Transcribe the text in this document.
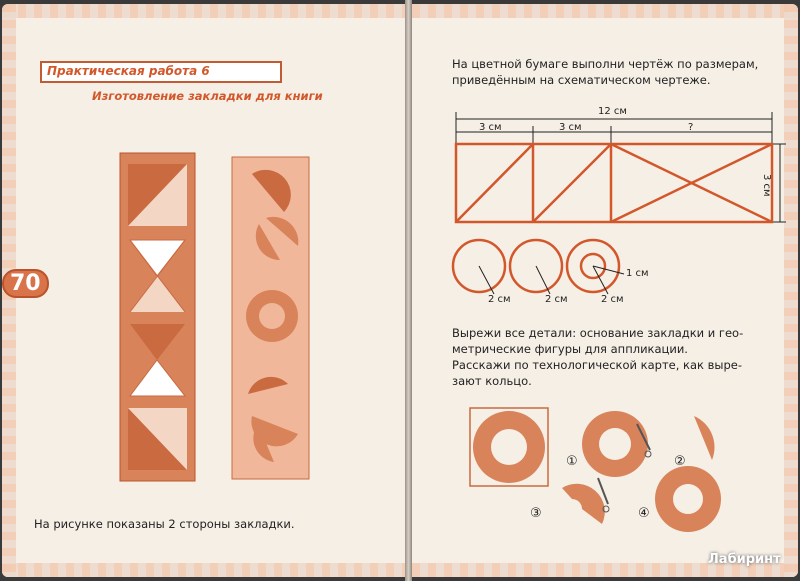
70
Практическая работа 6
Изготовление закладки для книги
На рисунке показаны 2 стороны закладки.
На цветной бумаге выполни чертёж по размерам,
приведённым на схематическом чертеже.
12 см
3 см	3 см	?
3 см
2 см	2 см	2 см
1 см
Вырежи все детали: основание закладки и гео-
метрические фигуры для аппликации.
Расскажи по технологической карте, как выре-
зают кольцо.
①	②
③	④
Лабиринт
